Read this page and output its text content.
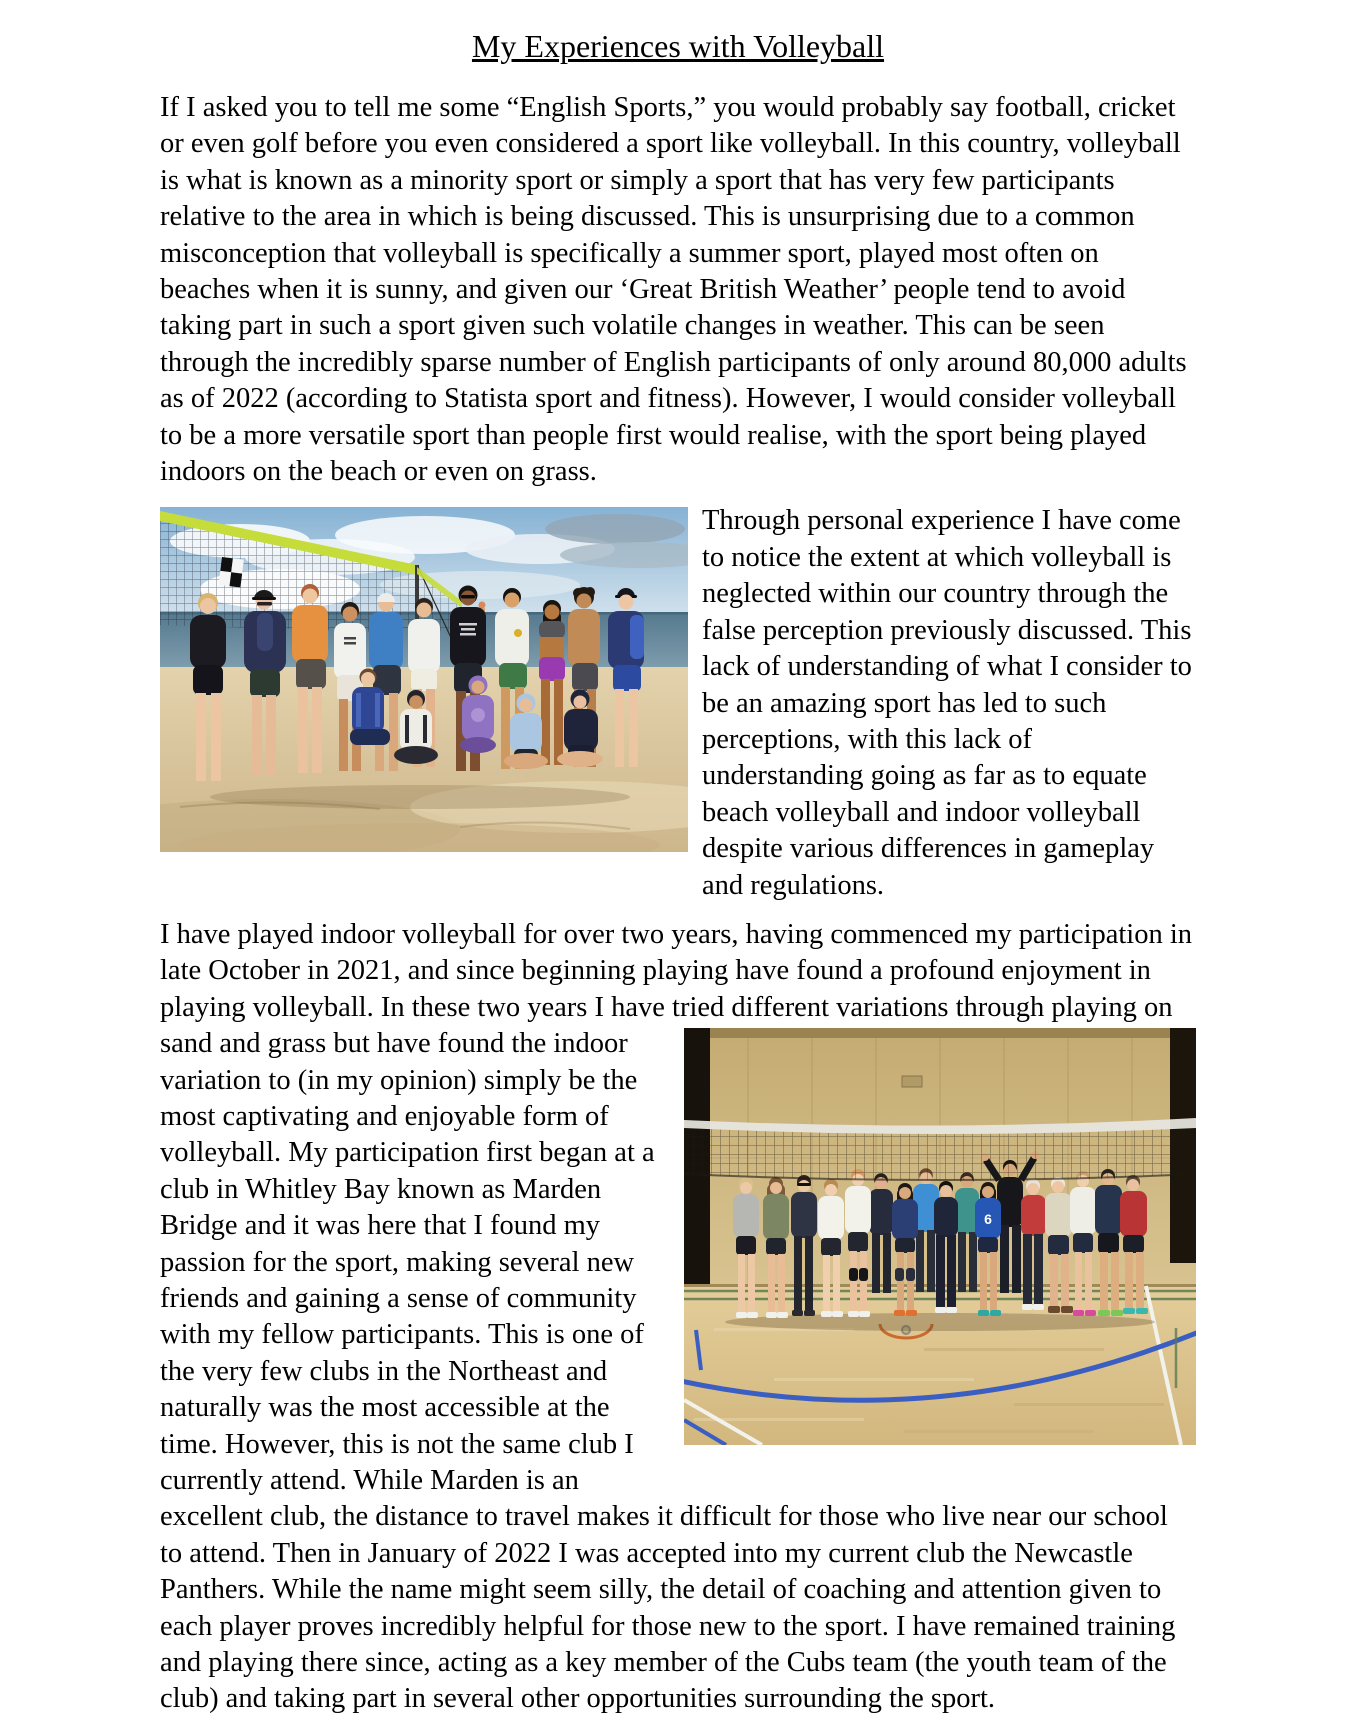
My Experiences with Volleyball

If I asked you to tell me some “English Sports,” you would probably say football, cricket or even golf before you even considered a sport like volleyball. In this country, volleyball is what is known as a minority sport or simply a sport that has very few participants relative to the area in which is being discussed. This is unsurprising due to a common misconception that volleyball is specifically a summer sport, played most often on beaches when it is sunny, and given our ‘Great British Weather’ people tend to avoid taking part in such a sport given such volatile changes in weather. This can be seen through the incredibly sparse number of English participants of only around 80,000 adults as of 2022 (according to Statista sport and fitness). However, I would consider volleyball to be a more versatile sport than people first would realise, with the sport being played indoors on the beach or even on grass.

Through personal experience I have come to notice the extent at which volleyball is neglected within our country through the false perception previously discussed. This lack of understanding of what I consider to be an amazing sport has led to such perceptions, with this lack of understanding going as far as to equate beach volleyball and indoor volleyball despite various differences in gameplay and regulations.

I have played indoor volleyball for over two years, having commenced my participation in late October in 2021, and since beginning playing have found a profound enjoyment in playing volleyball. In these two years I have tried different variations through playing on

6
sand and grass but have found the indoor variation to (in my opinion) simply be the most captivating and enjoyable form of volleyball. My participation first began at a club in Whitley Bay known as Marden Bridge and it was here that I found my passion for the sport, making several new friends and gaining a sense of community with my fellow participants. This is one of the very few clubs in the Northeast and naturally was the most accessible at the time. However, this is not the same club I currently attend. While Marden is an excellent club, the distance to travel makes it difficult for those who live near our school to attend. Then in January of 2022 I was accepted into my current club the Newcastle Panthers. While the name might seem silly, the detail of coaching and attention given to each player proves incredibly helpful for those new to the sport. I have remained training and playing there since, acting as a key member of the Cubs team (the youth team of the club) and taking part in several other opportunities surrounding the sport.
